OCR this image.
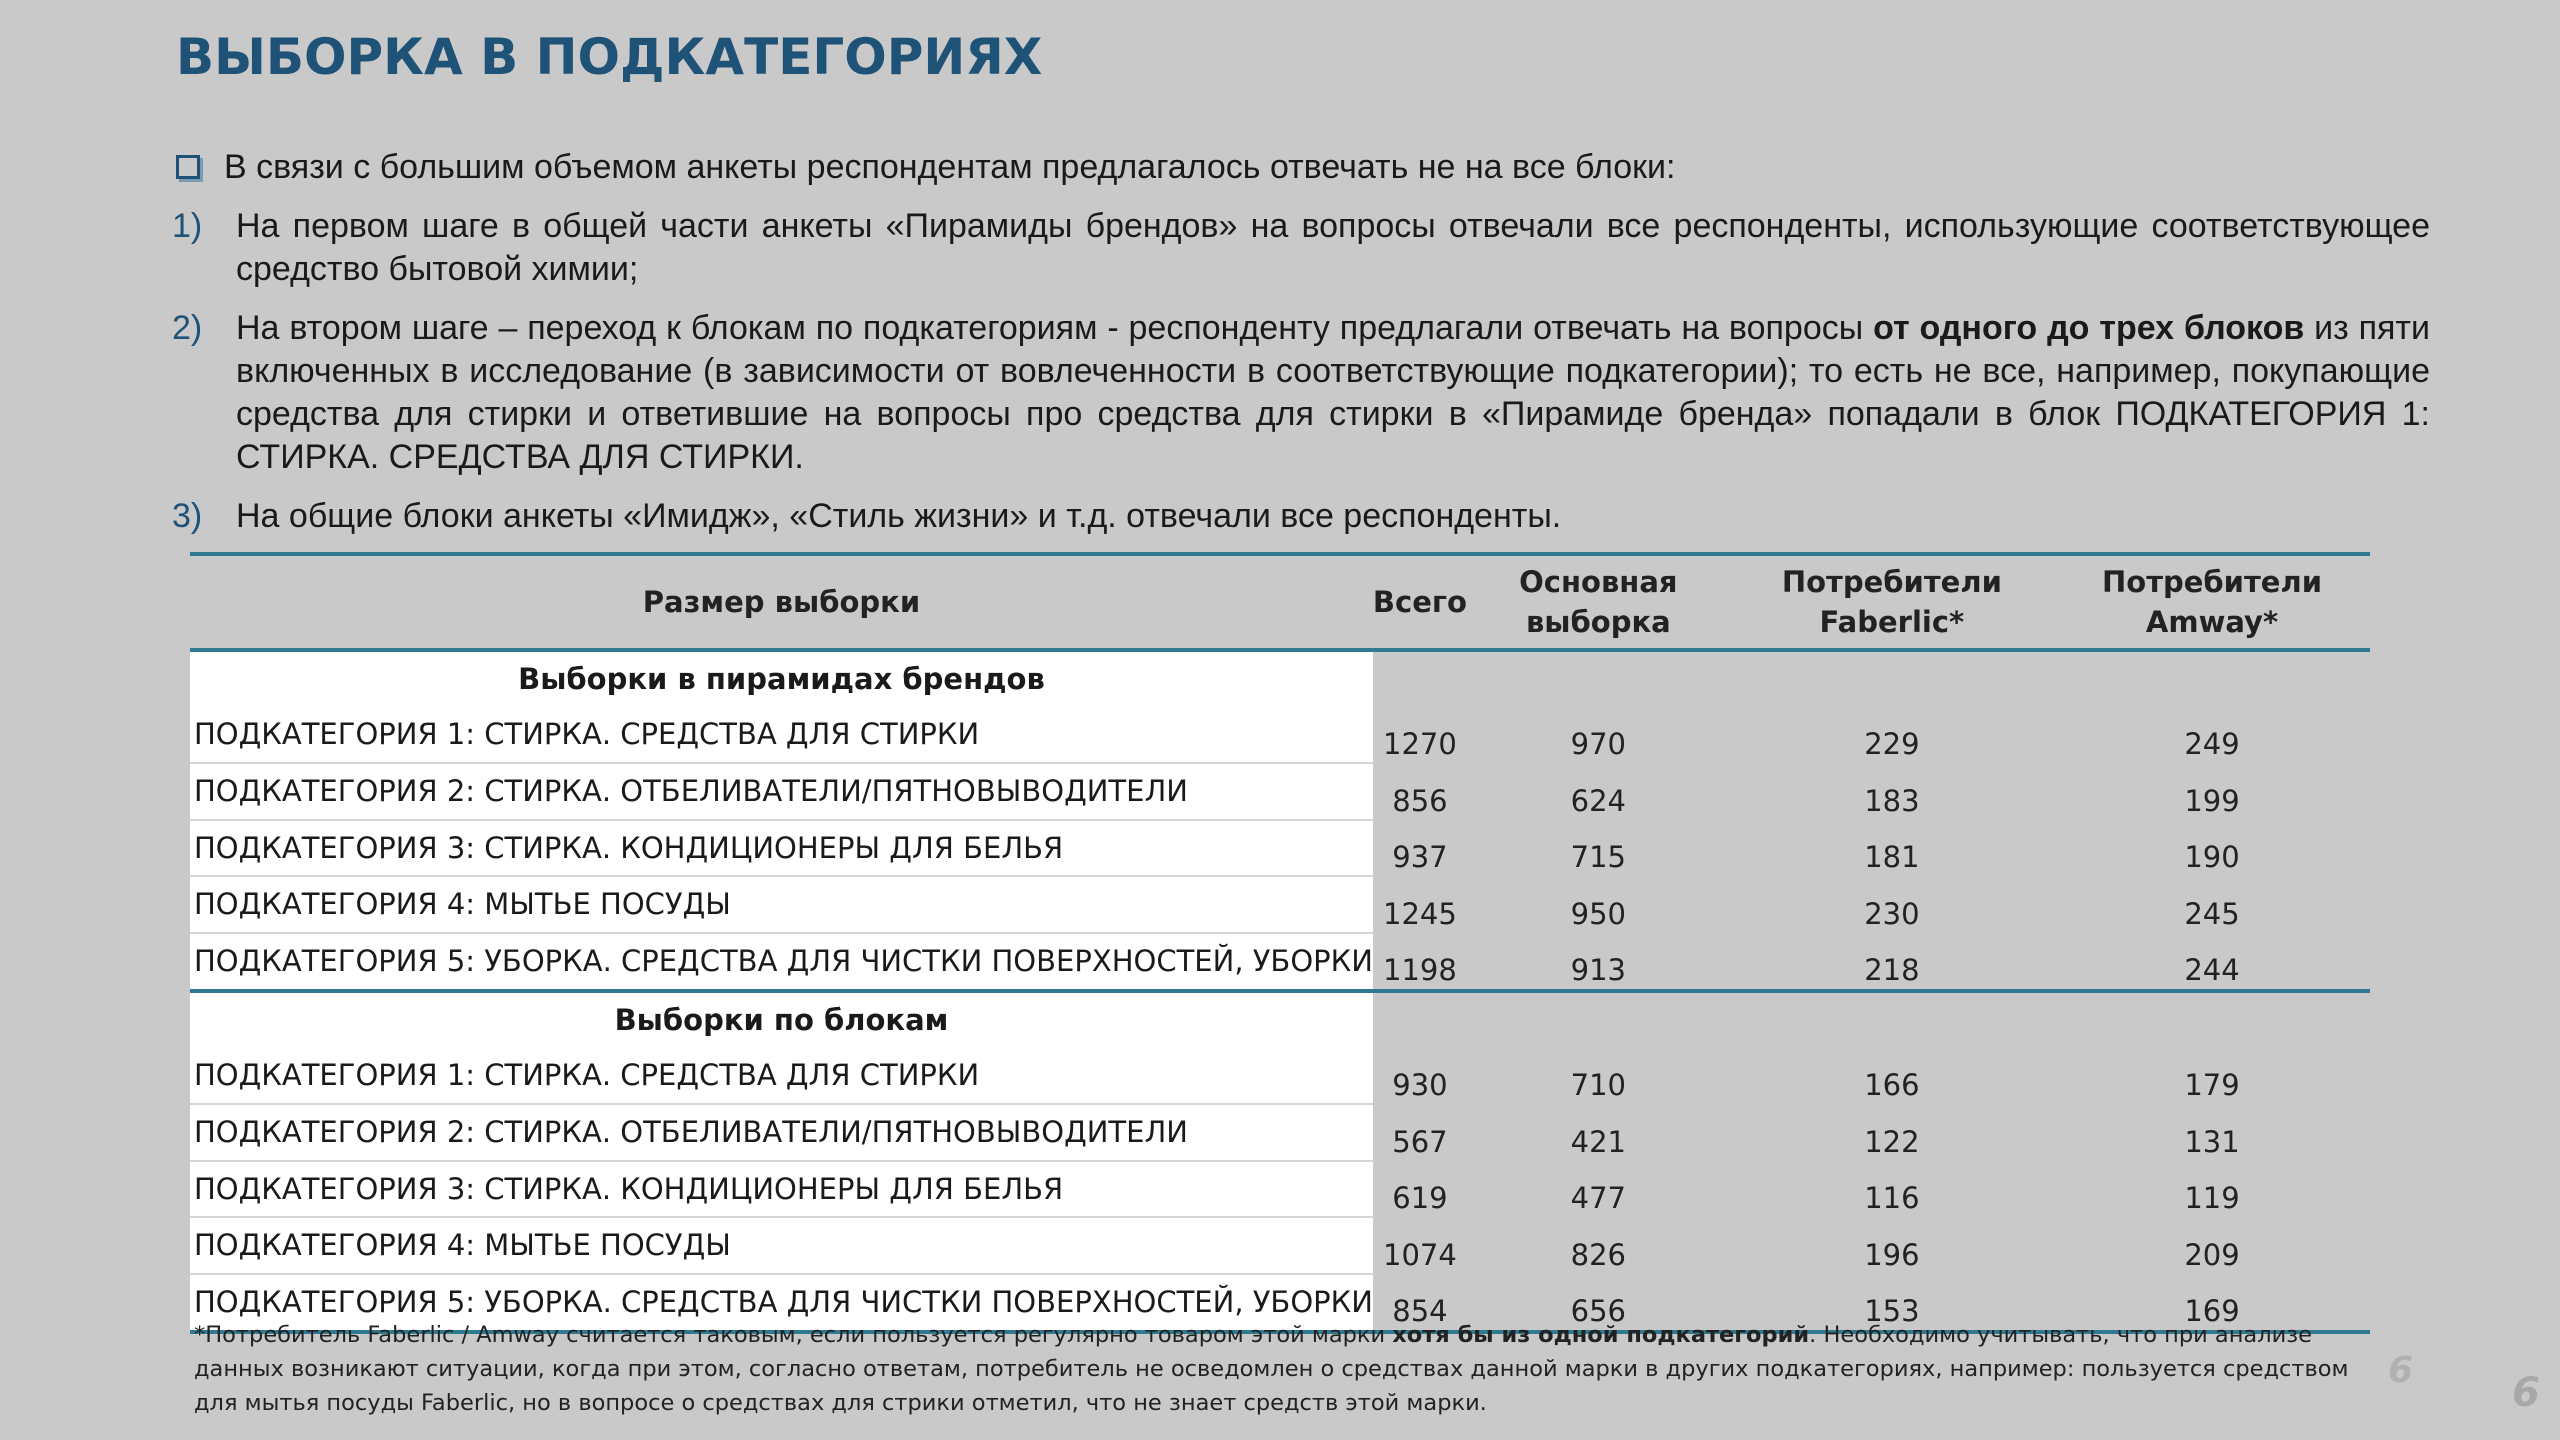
ВЫБОРКА В ПОДКАТЕГОРИЯХ
В связи с большим объемом анкеты респондентам предлагалось отвечать не на все блоки:
1) На первом шаге в общей части анкеты «Пирамиды брендов» на вопросы отвечали все респонденты, использующие соответствующее средство бытовой химии;
2) На втором шаге – переход к блокам по подкатегориям - респонденту предлагали отвечать на вопросы от одного до трех блоков из пяти включенных в исследование (в зависимости от вовлеченности в соответствующие подкатегории); то есть не все, например, покупающие средства для стирки и ответившие на вопросы про средства для стирки в «Пирамиде бренда» попадали в блок ПОДКАТЕГОРИЯ 1: СТИРКА. СРЕДСТВА ДЛЯ СТИРКИ.
3) На общие блоки анкеты «Имидж», «Стиль жизни» и т.д. отвечали все респонденты.
Размер выборки	Всего	Основная выборка	Потребители Faberlic*	Потребители Amway*
Выборки в пирамидах брендов				
ПОДКАТЕГОРИЯ 1: СТИРКА. СРЕДСТВА ДЛЯ СТИРКИ	1270	970	229	249
ПОДКАТЕГОРИЯ 2: СТИРКА. ОТБЕЛИВАТЕЛИ/ПЯТНОВЫВОДИТЕЛИ	856	624	183	199
ПОДКАТЕГОРИЯ 3: СТИРКА. КОНДИЦИОНЕРЫ ДЛЯ БЕЛЬЯ	937	715	181	190
ПОДКАТЕГОРИЯ 4: МЫТЬЕ ПОСУДЫ	1245	950	230	245
ПОДКАТЕГОРИЯ 5: УБОРКА. СРЕДСТВА ДЛЯ ЧИСТКИ ПОВЕРХНОСТЕЙ, УБОРКИ	1198	913	218	244
Выборки по блокам				
ПОДКАТЕГОРИЯ 1: СТИРКА. СРЕДСТВА ДЛЯ СТИРКИ	930	710	166	179
ПОДКАТЕГОРИЯ 2: СТИРКА. ОТБЕЛИВАТЕЛИ/ПЯТНОВЫВОДИТЕЛИ	567	421	122	131
ПОДКАТЕГОРИЯ 3: СТИРКА. КОНДИЦИОНЕРЫ ДЛЯ БЕЛЬЯ	619	477	116	119
ПОДКАТЕГОРИЯ 4: МЫТЬЕ ПОСУДЫ	1074	826	196	209
ПОДКАТЕГОРИЯ 5: УБОРКА. СРЕДСТВА ДЛЯ ЧИСТКИ ПОВЕРХНОСТЕЙ, УБОРКИ	854	656	153	169
*Потребитель Faberlic / Amway считается таковым, если пользуется регулярно товаром этой марки хотя бы из одной подкатегорий. Необходимо учитывать, что при анализе данных возникают ситуации, когда при этом, согласно ответам, потребитель не осведомлен о средствах данной марки в других подкатегориях, например: пользуется средством для мытья посуды Faberlic, но в вопросе о средствах для стрики отметил, что не знает средств этой марки.
6 6
